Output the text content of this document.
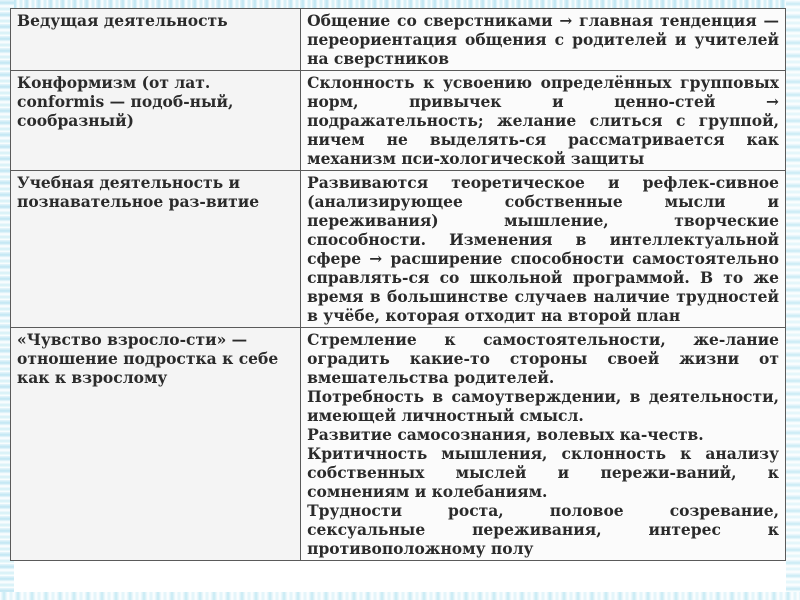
Ведущая деятельность	Общение со сверстниками → главная тенденция — переориентация общения с родителей и учителей на сверстников

Конформизм (от лат. conformis — подоб-ный, сообразный)	Склонность к усвоению определённых групповых норм, привычек и ценно-стей → подражательность; желание слиться с группой, ничем не выделять-ся рассматривается как механизм пси-хологической защиты

Учебная деятельность и познавательное раз-витие	Развиваются теоретическое и рефлек-сивное (анализирующее собственные мысли и переживания) мышление, творческие способности. Изменения в интеллектуальной сфере → расширение способности самостоятельно справлять-ся со школьной программой. В то же время в большинстве случаев наличие трудностей в учёбе, которая отходит на второй план

«Чувство взросло-сти» — отношение подростка к себе как к взрослому	Стремление к самостоятельности, же-лание оградить какие-то стороны своей жизни от вмешательства родителей.
Потребность в самоутверждении, в деятельности, имеющей личностный смысл.
Развитие самосознания, волевых ка-честв.
Критичность мышления, склонность к анализу собственных мыслей и пережи-ваний, к сомнениям и колебаниям.
Трудности роста, половое созревание, сексуальные переживания, интерес к противоположному полу
